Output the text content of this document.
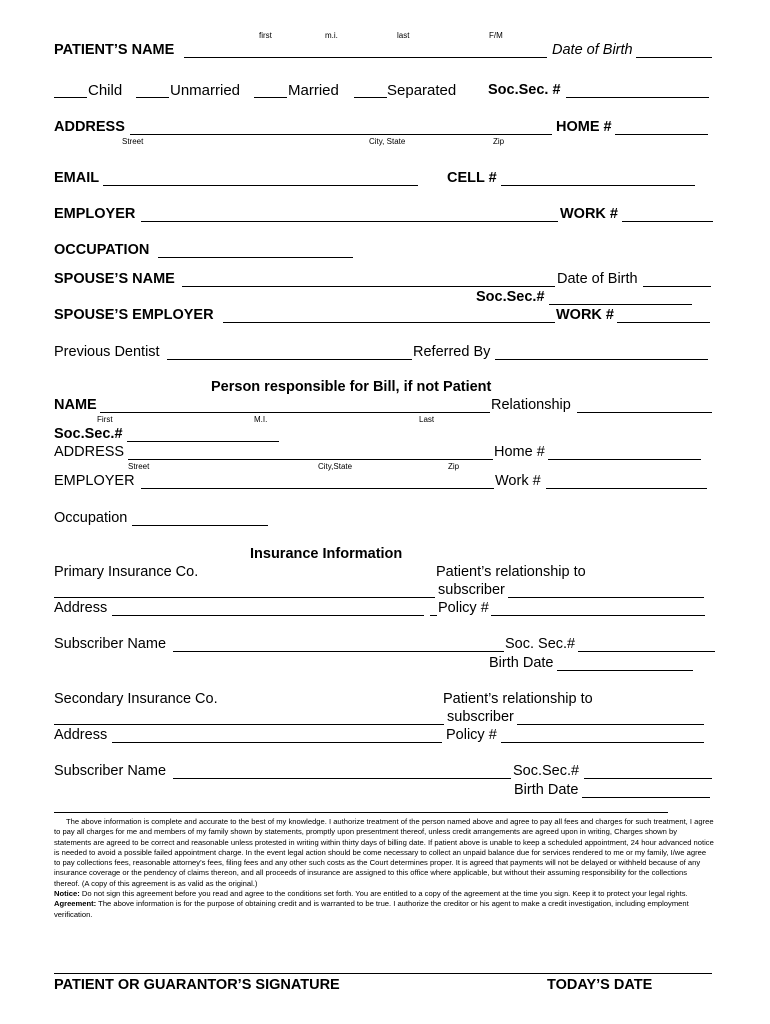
first	m.i.	last	F/M
PATIENT’S NAME	Date of Birth
Child	Unmarried	Married	Separated Soc.Sec. #
ADDRESS	HOME #
Street	City, State	Zip
EMAIL	CELL #
EMPLOYER	WORK #
OCCUPATION
SPOUSE’S NAME	Date of Birth
Soc.Sec.#
SPOUSE’S EMPLOYER	WORK #
Previous Dentist	Referred By
Person responsible for Bill, if not Patient
NAME	Relationship
First	M.I.	Last
Soc.Sec.#
ADDRESS	Home #
Street	City,State	Zip
EMPLOYER	Work #
Occupation
Insurance Information
Primary Insurance Co.	Patient’s relationship to
subscriber
Address	Policy #
Subscriber Name	Soc. Sec.#
Birth Date
Secondary Insurance Co.	Patient’s relationship to
subscriber
Address	Policy #
Subscriber Name	Soc.Sec.#
Birth Date

The above information is complete and accurate to the best of my knowledge. I authorize treatment of the person named above and agree to pay all fees and charges for such treatment, I agree to pay all charges for me and members of my family shown by statements, promptly upon presentment thereof, unless credit arrangements are agreed upon in writing, Charges shown by statements are agreed to be correct and reasonable unless protested in writing within thirty days of billing date. If patient above is unable to keep a scheduled appointment, 24 hour advanced notice is needed to avoid a possible failed appointment charge. In the event legal action should be come necessary to collect an unpaid balance due for services rendered to me or my family, I/we agree to pay collections fees, reasonable attorney’s fees, filing fees and any other such costs as the Court determines proper. It is agreed that payments will not be delayed or withheld because of any insurance coverage or the pendency of claims thereon, and all proceeds of insurance are assigned to this office where applicable, but without their assuming responsibility for the collections thereof. (A copy of this agreement is as valid as the original.)

Notice: Do not sign this agreement before you read and agree to the conditions set forth. You are entitled to a copy of the agreement at the time you sign. Keep it to protect your legal rights.

Agreement: The above information is for the purpose of obtaining credit and is warranted to be true. I authorize the creditor or his agent to make a credit investigation, including employment verification.

PATIENT OR GUARANTOR’S SIGNATURE	TODAY’S DATE
